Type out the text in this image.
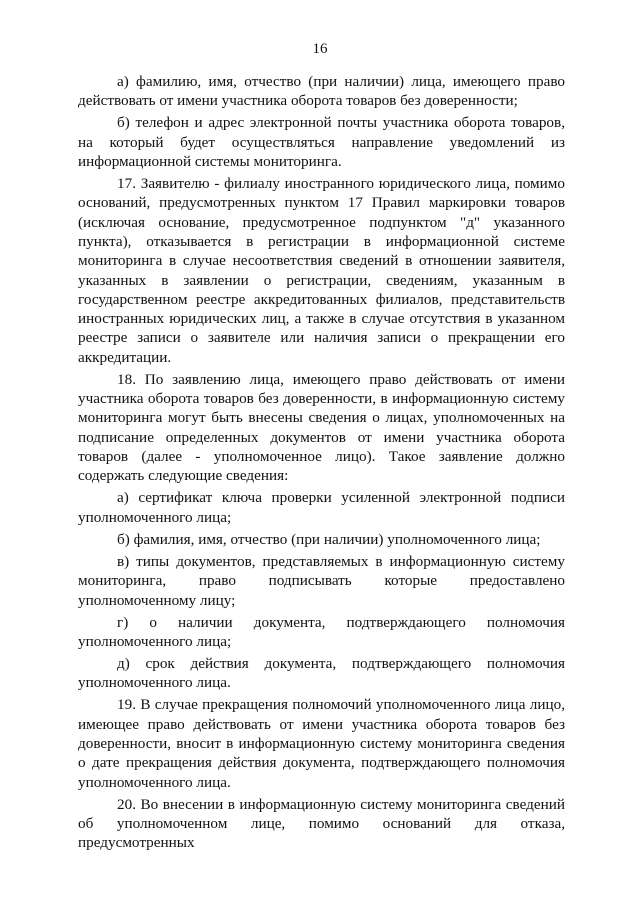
16

а) фамилию, имя, отчество (при наличии) лица, имеющего право действовать от имени участника оборота товаров без доверенности;

б) телефон и адрес электронной почты участника оборота товаров, на который будет осуществляться направление уведомлений из информационной системы мониторинга.

17. Заявителю - филиалу иностранного юридического лица, помимо оснований, предусмотренных пунктом 17 Правил маркировки товаров (исключая основание, предусмотренное подпунктом "д" указанного пункта), отказывается в регистрации в информационной системе мониторинга в случае несоответствия сведений в отношении заявителя, указанных в заявлении о регистрации, сведениям, указанным в государственном реестре аккредитованных филиалов, представительств иностранных юридических лиц, а также в случае отсутствия в указанном реестре записи о заявителе или наличия записи о прекращении его аккредитации.

18. По заявлению лица, имеющего право действовать от имени участника оборота товаров без доверенности, в информационную систему мониторинга могут быть внесены сведения о лицах, уполномоченных на подписание определенных документов от имени участника оборота товаров (далее - уполномоченное лицо). Такое заявление должно содержать следующие сведения:

а) сертификат ключа проверки усиленной электронной подписи уполномоченного лица;

б) фамилия, имя, отчество (при наличии) уполномоченного лица;

в) типы документов, представляемых в информационную систему мониторинга, право подписывать которые предоставлено уполномоченному лицу;

г) о наличии документа, подтверждающего полномочия уполномоченного лица;

д) срок действия документа, подтверждающего полномочия уполномоченного лица.

19. В случае прекращения полномочий уполномоченного лица лицо, имеющее право действовать от имени участника оборота товаров без доверенности, вносит в информационную систему мониторинга сведения о дате прекращения действия документа, подтверждающего полномочия уполномоченного лица.

20. Во внесении в информационную систему мониторинга сведений об уполномоченном лице, помимо оснований для отказа, предусмотренных
